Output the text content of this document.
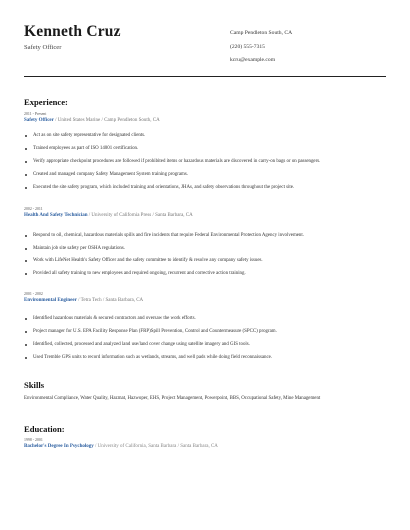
Kenneth Cruz
Safety Officer
Camp Pendleton South, CA
(220) 555-7315
kcru@example.com
Experience:
2011 - Present
Safety Officer / United States Marine / Camp Pendleton South, CA
Act as on site safety representative for designated clients.
Trained employees as part of ISO 14001 certification.
Verify appropriate checkpoint procedures are followed if prohibited items or hazardous materials are discovered in carry-on bags or on passengers.
Created and managed company Safety Management System training programs.
Executed the site safety program, which included training and orientations, JHAs, and safety observations throughout the project site.
2002 - 2011
Health And Safety Technician / University of California Press / Santa Barbara, CA
Respond to oil, chemical, hazardous materials spills and fire incidents that require Federal Environmental Protection Agency involvement.
Maintain job site safety per OSHA regulations.
Work with LifeNet Health's Safety Officer and the safety committee to identify & resolve any company safety issues.
Provided all safety training to new employees and required ongoing, recurrent and corrective action training.
2001 - 2002
Environmental Engineer / Tetra Tech / Santa Barbara, CA
Identified hazardous materials & secured contractors and oversaw the work efforts.
Project manager for U.S. EPA Facility Response Plan (FRP)Spill Prevention, Control and Countermeasure (SPCC) program.
Identified, collected, processed and analyzed land use/land cover change using satellite imagery and GIS tools.
Used Tremble GPS units to record information such as wetlands, streams, and well pads while doing field reconnaissance.
Skills
Environmental Compliance, Water Quality, Hazmat, Hazwoper, EHS, Project Management, Powerpoint, BBS, Occupational Safety, Mine Management
Education:
1998 - 2001
Bachelor's Degree In Psychology / University of California, Santa Barbara / Santa Barbara, CA
